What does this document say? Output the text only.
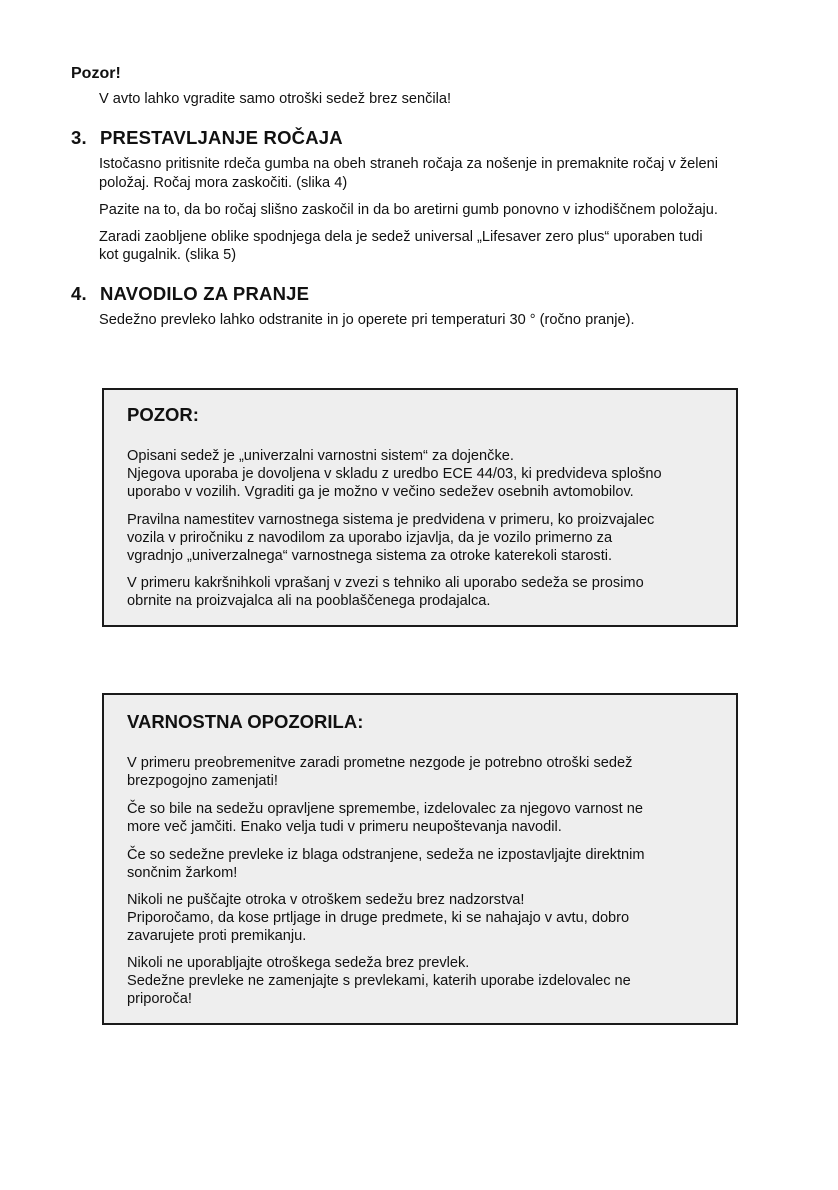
Pozor!

V avto lahko vgradite samo otroški sedež brez senčila!

3. PRESTAVLJANJE ROČAJA

Istočasno pritisnite rdeča gumba na obeh straneh ročaja za nošenje in premaknite ročaj v želeni

položaj. Ročaj mora zaskočiti. (slika 4)

Pazite na to, da bo ročaj slišno zaskočil in da bo aretirni gumb ponovno v izhodiščnem položaju.

Zaradi zaobljene oblike spodnjega dela je sedež universal „Lifesaver zero plus“ uporaben tudi

kot gugalnik. (slika 5)

4. NAVODILO ZA PRANJE

Sedežno prevleko lahko odstranite in jo operete pri temperaturi 30 ° (ročno pranje).

POZOR:

Opisani sedež je „univerzalni varnostni sistem“ za dojenčke.

Njegova uporaba je dovoljena v skladu z uredbo ECE 44/03, ki predvideva splošno

uporabo v vozilih. Vgraditi ga je možno v večino sedežev osebnih avtomobilov.

Pravilna namestitev varnostnega sistema je predvidena v primeru, ko proizvajalec

vozila v priročniku z navodilom za uporabo izjavlja, da je vozilo primerno za

vgradnjo „univerzalnega“ varnostnega sistema za otroke katerekoli starosti.

V primeru kakršnihkoli vprašanj v zvezi s tehniko ali uporabo sedeža se prosimo

obrnite na proizvajalca ali na pooblaščenega prodajalca.

VARNOSTNA OPOZORILA:

V primeru preobremenitve zaradi prometne nezgode je potrebno otroški sedež

brezpogojno zamenjati!

Če so bile na sedežu opravljene spremembe, izdelovalec za njegovo varnost ne

more več jamčiti. Enako velja tudi v primeru neupoštevanja navodil.

Če so sedežne prevleke iz blaga odstranjene, sedeža ne izpostavljajte direktnim

sončnim žarkom!

Nikoli ne puščajte otroka v otroškem sedežu brez nadzorstva!

Priporočamo, da kose prtljage in druge predmete, ki se nahajajo v avtu, dobro

zavarujete proti premikanju.

Nikoli ne uporabljajte otroškega sedeža brez prevlek.

Sedežne prevleke ne zamenjajte s prevlekami, katerih uporabe izdelovalec ne

priporoča!
